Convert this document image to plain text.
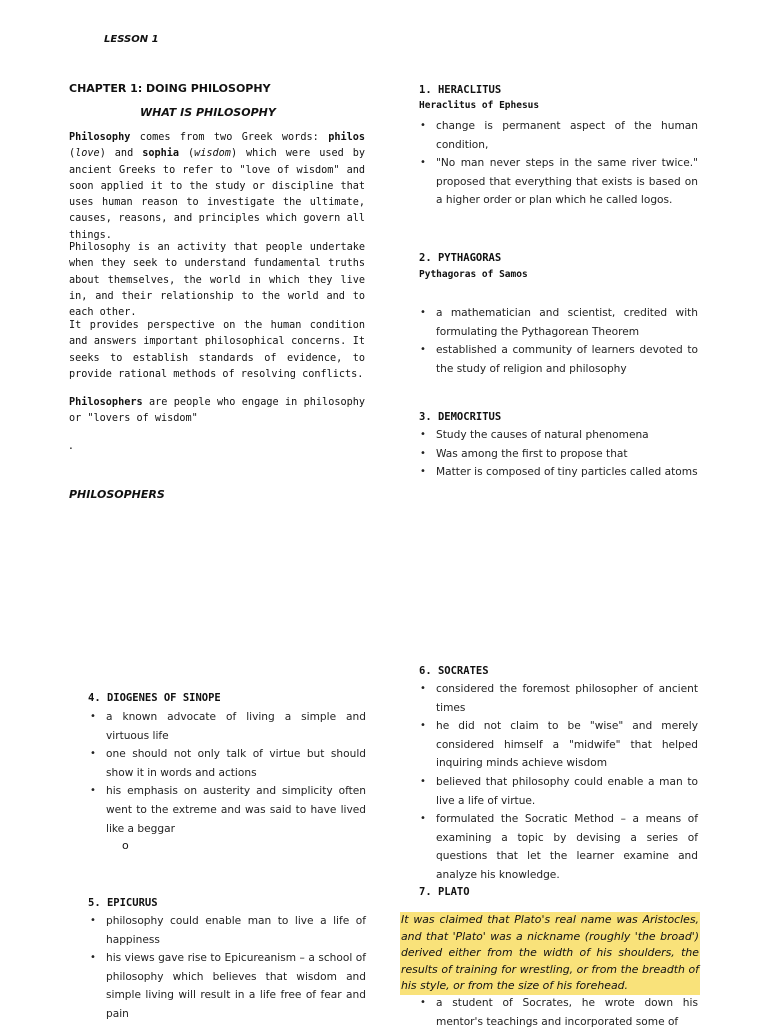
LESSON 1
CHAPTER 1: DOING PHILOSOPHY
WHAT IS PHILOSOPHY

Philosophy comes from two Greek words: philos (love) and sophia (wisdom) which were used by ancient Greeks to refer to "love of wisdom" and soon applied it to the study or discipline that uses human reason to investigate the ultimate, causes, reasons, and principles which govern all things.

Philosophy is an activity that people undertake when they seek to understand fundamental truths about themselves, the world in which they live in, and their relationship to the world and to each other.

It provides perspective on the human condition and answers important philosophical concerns. It seeks to establish standards of evidence, to provide rational methods of resolving conflicts.

Philosophers are people who engage in philosophy or "lovers of wisdom"

.
PHILOSOPHERS
4. DIOGENES OF SINOPE
• a known advocate of living a simple and virtuous life
• one should not only talk of virtue but should show it in words and actions
• his emphasis on austerity and simplicity often went to the extreme and was said to have lived like a beggar
o
5. EPICURUS
• philosophy could enable man to live a life of happiness
• his views gave rise to Epicureanism – a school of philosophy which believes that wisdom and simple living will result in a life free of fear and pain
1. HERACLITUS
Heraclitus of Ephesus
• change is permanent aspect of the human condition,
• "No man never steps in the same river twice." proposed that everything that exists is based on a higher order or plan which he called logos.
2. PYTHAGORAS
Pythagoras of Samos
• a mathematician and scientist, credited with formulating the Pythagorean Theorem
• established a community of learners devoted to the study of religion and philosophy
3. DEMOCRITUS
• Study the causes of natural phenomena
• Was among the first to propose that
• Matter is composed of tiny particles called atoms
6. SOCRATES
• considered the foremost philosopher of ancient times
• he did not claim to be "wise" and merely considered himself a "midwife" that helped inquiring minds achieve wisdom
• believed that philosophy could enable a man to live a life of virtue.
• formulated the Socratic Method – a means of examining a topic by devising a series of questions that let the learner examine and analyze his knowledge.
7. PLATO

It was claimed that Plato's real name was Aristocles, and that 'Plato' was a nickname (roughly 'the broad') derived either from the width of his shoulders, the results of training for wrestling, or from the breadth of his style, or from the size of his forehead.

• a student of Socrates, he wrote down his mentor's teachings and incorporated some of
